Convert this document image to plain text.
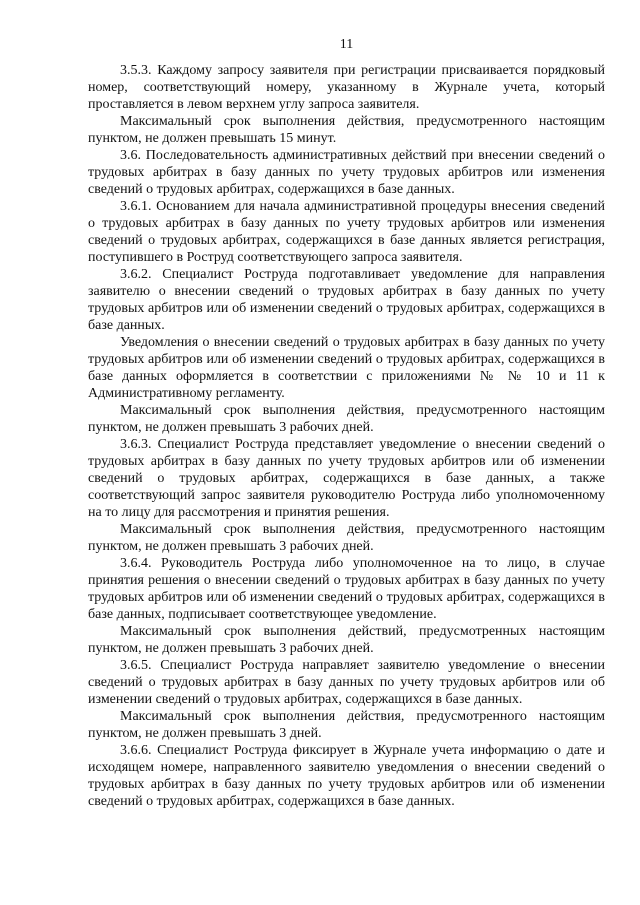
11

3.5.3. Каждому запросу заявителя при регистрации присваивается порядковый номер, соответствующий номеру, указанному в Журнале учета, который проставляется в левом верхнем углу запроса заявителя.

Максимальный срок выполнения действия, предусмотренного настоящим пунктом, не должен превышать 15 минут.

3.6. Последовательность административных действий при внесении сведений о трудовых арбитрах в базу данных по учету трудовых арбитров или изменения сведений о трудовых арбитрах, содержащихся в базе данных.

3.6.1. Основанием для начала административной процедуры внесения сведений о трудовых арбитрах в базу данных по учету трудовых арбитров или изменения сведений о трудовых арбитрах, содержащихся в базе данных является регистрация, поступившего в Роструд соответствующего запроса заявителя.

3.6.2. Специалист Роструда подготавливает уведомление для направления заявителю о внесении сведений о трудовых арбитрах в базу данных по учету трудовых арбитров или об изменении сведений о трудовых арбитрах, содержащихся в базе данных.

Уведомления о внесении сведений о трудовых арбитрах в базу данных по учету трудовых арбитров или об изменении сведений о трудовых арбитрах, содержащихся в базе данных оформляется в соответствии с приложениями № № 10 и 11 к Административному регламенту.

Максимальный срок выполнения действия, предусмотренного настоящим пунктом, не должен превышать 3 рабочих дней.

3.6.3. Специалист Роструда представляет уведомление о внесении сведений о трудовых арбитрах в базу данных по учету трудовых арбитров или об изменении сведений о трудовых арбитрах, содержащихся в базе данных, а также соответствующий запрос заявителя руководителю Роструда либо уполномоченному на то лицу для рассмотрения и принятия решения.

Максимальный срок выполнения действия, предусмотренного настоящим пунктом, не должен превышать 3 рабочих дней.

3.6.4. Руководитель Роструда либо уполномоченное на то лицо, в случае принятия решения о внесении сведений о трудовых арбитрах в базу данных по учету трудовых арбитров или об изменении сведений о трудовых арбитрах, содержащихся в базе данных, подписывает соответствующее уведомление.

Максимальный срок выполнения действий, предусмотренных настоящим пунктом, не должен превышать 3 рабочих дней.

3.6.5. Специалист Роструда направляет заявителю уведомление о внесении сведений о трудовых арбитрах в базу данных по учету трудовых арбитров или об изменении сведений о трудовых арбитрах, содержащихся в базе данных.

Максимальный срок выполнения действия, предусмотренного настоящим пунктом, не должен превышать 3 дней.

3.6.6. Специалист Роструда фиксирует в Журнале учета информацию о дате и исходящем номере, направленного заявителю уведомления о внесении сведений о трудовых арбитрах в базу данных по учету трудовых арбитров или об изменении сведений о трудовых арбитрах, содержащихся в базе данных.
